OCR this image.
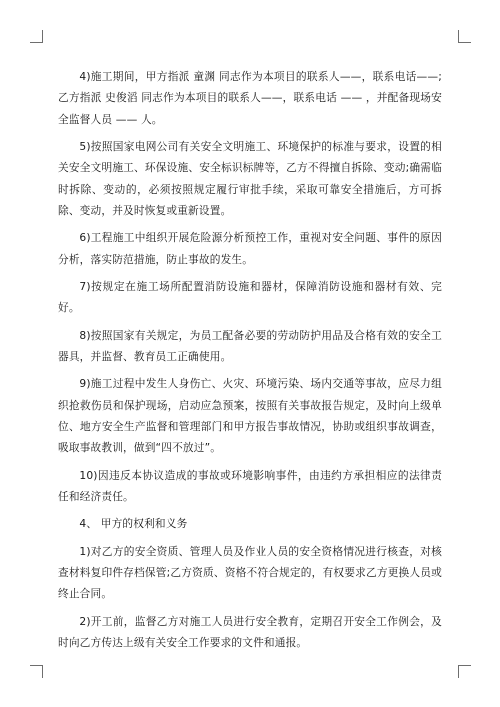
4)施工期间，甲方指派 童渊 同志作为本项目的联系人——，联系电话——;乙方指派 史俊滔 同志作为本项目的联系人——，联系电话 —— ，并配备现场安全监督人员 —— 人。

5)按照国家电网公司有关安全文明施工、环境保护的标准与要求，设置的相关安全文明施工、环保设施、安全标识标牌等，乙方不得擅自拆除、变动;确需临时拆除、变动的，必须按照规定履行审批手续，采取可靠安全措施后，方可拆除、变动，并及时恢复或重新设置。

6)工程施工中组织开展危险源分析预控工作，重视对安全问题、事件的原因分析，落实防范措施，防止事故的发生。

7)按规定在施工场所配置消防设施和器材，保障消防设施和器材有效、完好。

8)按照国家有关规定，为员工配备必要的劳动防护用品及合格有效的安全工器具，并监督、教育员工正确使用。

9)施工过程中发生人身伤亡、火灾、环境污染、场内交通等事故，应尽力组织抢救伤员和保护现场，启动应急预案，按照有关事故报告规定，及时向上级单位、地方安全生产监督和管理部门和甲方报告事故情况，协助或组织事故调查，吸取事故教训，做到“四不放过”。

10)因违反本协议造成的事故或环境影响事件，由违约方承担相应的法律责任和经济责任。

4、 甲方的权利和义务

1)对乙方的安全资质、管理人员及作业人员的安全资格情况进行核查，对核查材料复印件存档保管;乙方资质、资格不符合规定的，有权要求乙方更换人员或终止合同。

2)开工前，监督乙方对施工人员进行安全教育，定期召开安全工作例会，及时向乙方传达上级有关安全工作要求的文件和通报。
